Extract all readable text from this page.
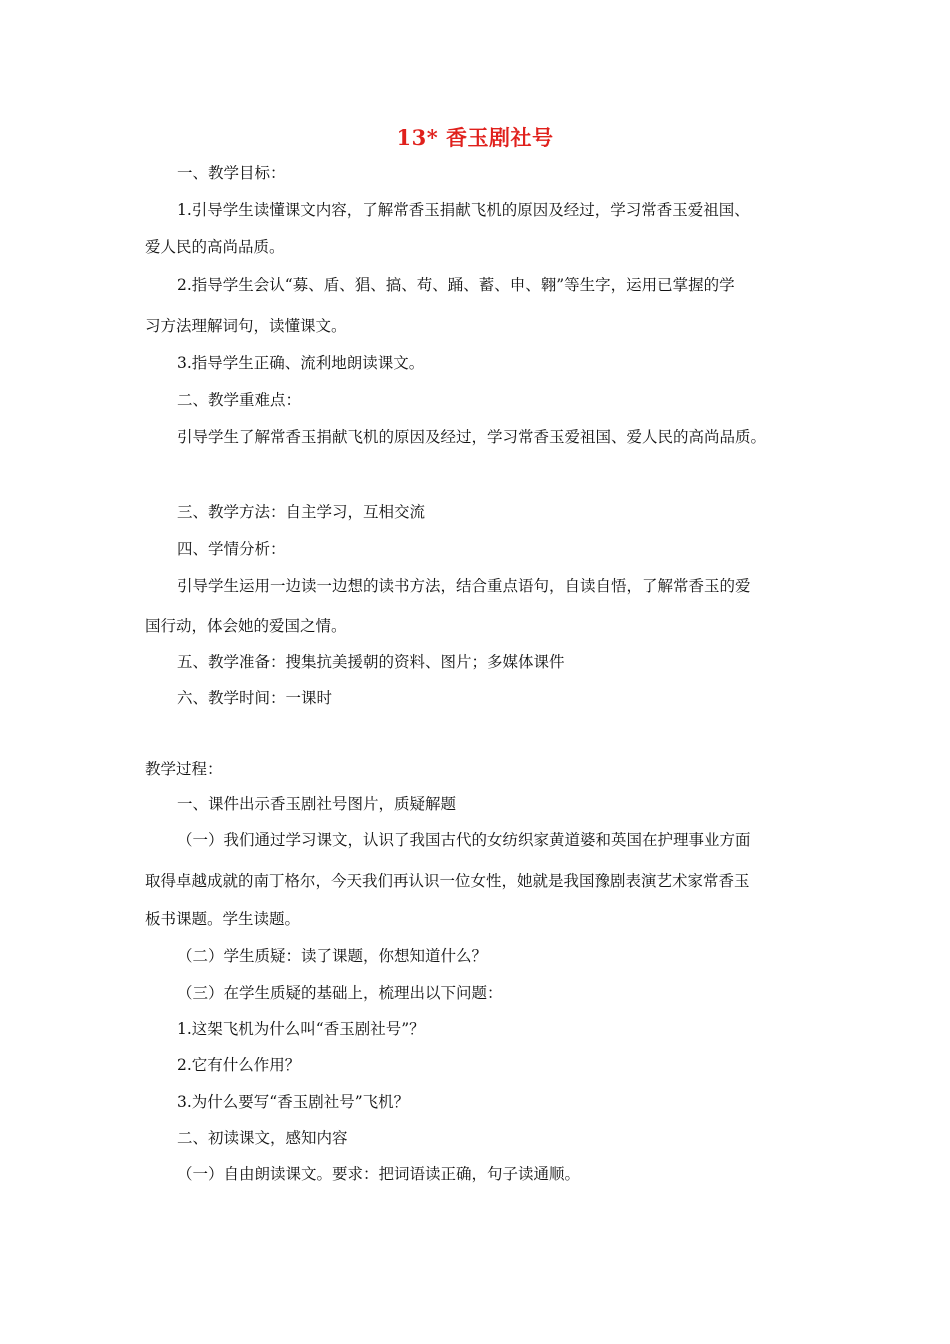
13* 香玉剧社号
一、教学目标：
1.引导学生读懂课文内容，了解常香玉捐献飞机的原因及经过，学习常香玉爱祖国、
爱人民的高尚品质。
2.指导学生会认“募、盾、猖、搞、苟、踊、蓄、申、翱”等生字，运用已掌握的学
习方法理解词句，读懂课文。
3.指导学生正确、流利地朗读课文。
二、教学重难点：
引导学生了解常香玉捐献飞机的原因及经过，学习常香玉爱祖国、爱人民的高尚品质。
三、教学方法：自主学习，互相交流
四、学情分析：
引导学生运用一边读一边想的读书方法，结合重点语句，自读自悟，了解常香玉的爱
国行动，体会她的爱国之情。
五、教学准备：搜集抗美援朝的资料、图片；多媒体课件
六、教学时间：一课时
教学过程：
一、课件出示香玉剧社号图片，质疑解题
（一）我们通过学习课文，认识了我国古代的女纺织家黄道婆和英国在护理事业方面
取得卓越成就的南丁格尔，今天我们再认识一位女性，她就是我国豫剧表演艺术家常香玉
板书课题。学生读题。
（二）学生质疑：读了课题，你想知道什么？
（三）在学生质疑的基础上，梳理出以下问题：
1.这架飞机为什么叫“香玉剧社号”？
2.它有什么作用？
3.为什么要写“香玉剧社号”飞机？
二、初读课文，感知内容
（一）自由朗读课文。要求：把词语读正确，句子读通顺。
